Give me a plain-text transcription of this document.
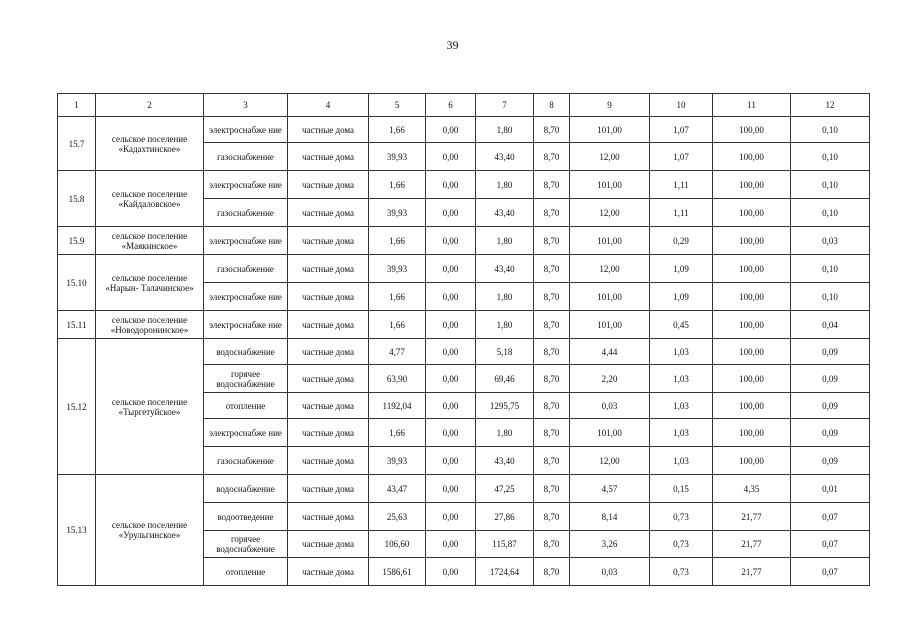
39
1	2	3	4	5	6	7	8	9	10	11	12
15.7	сельское поселение «Кадахтинское»	электроснабже ние	частные дома	1,66	0,00	1,80	8,70	101,00	1,07	100,00	0,10
		газоснабжение	частные дома	39,93	0,00	43,40	8,70	12,00	1,07	100,00	0,10
15.8	сельское поселение «Кайдаловское»	электроснабже ние	частные дома	1,66	0,00	1,80	8,70	101,00	1,11	100,00	0,10
		газоснабжение	частные дома	39,93	0,00	43,40	8,70	12,00	1,11	100,00	0,10
15.9	сельское поселение «Маякинское»	электроснабже ние	частные дома	1,66	0,00	1,80	8,70	101,00	0,29	100,00	0,03
15.10	сельское поселение «Нарын- Талачинское»	газоснабжение	частные дома	39,93	0,00	43,40	8,70	12,00	1,09	100,00	0,10
		электроснабже ние	частные дома	1,66	0,00	1,80	8,70	101,00	1,09	100,00	0,10
15.11	сельское поселение «Новодоронинское»	электроснабже ние	частные дома	1,66	0,00	1,80	8,70	101,00	0,45	100,00	0,04
15.12	сельское поселение «Тыргетуйское»	водоснабжение	частные дома	4,77	0,00	5,18	8,70	4,44	1,03	100,00	0,09
		горячее водоснабжение	частные дома	63,90	0,00	69,46	8,70	2,20	1,03	100,00	0,09
		отопление	частные дома	1192,04	0,00	1295,75	8,70	0,03	1,03	100,00	0,09
		электроснабже ние	частные дома	1,66	0,00	1,80	8,70	101,00	1,03	100,00	0,09
		газоснабжение	частные дома	39,93	0,00	43,40	8,70	12,00	1,03	100,00	0,09
15.13	сельское поселение «Урульгинское»	водоснабжение	частные дома	43,47	0,00	47,25	8,70	4,57	0,15	4,35	0,01
		водоотведение	частные дома	25,63	0,00	27,86	8,70	8,14	0,73	21,77	0,07
		горячее водоснабжение	частные дома	106,60	0,00	115,87	8,70	3,26	0,73	21,77	0,07
		отопление	частные дома	1586,61	0,00	1724,64	8,70	0,03	0,73	21,77	0,07
